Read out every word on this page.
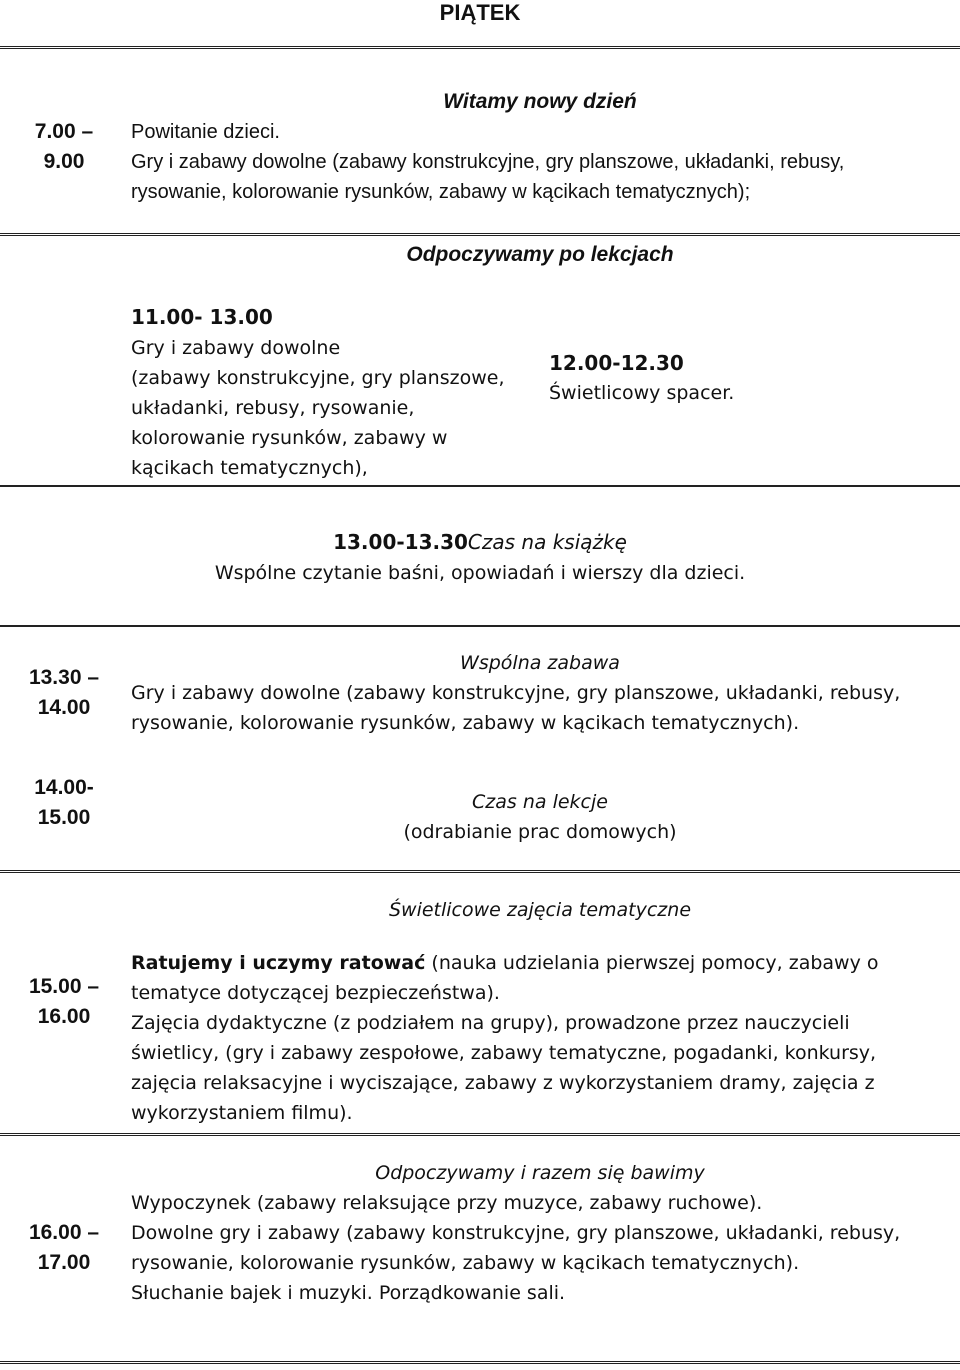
PIĄTEK
7.00 –
9.00
Witamy nowy dzień
Powitanie dzieci.
Gry i zabawy dowolne (zabawy konstrukcyjne, gry planszowe, układanki, rebusy,
rysowanie, kolorowanie rysunków, zabawy w kącikach tematycznych);
Odpoczywamy po lekcjach
11.00- 13.00
Gry i zabawy dowolne
(zabawy konstrukcyjne, gry planszowe,
układanki, rebusy, rysowanie,
kolorowanie rysunków, zabawy w
kącikach tematycznych),
12.00-12.30
Świetlicowy spacer.
13.00-13.30Czas na książkę
Wspólne czytanie baśni, opowiadań i wierszy dla dzieci.
13.30 –
14.00
Wspólna zabawa
Gry i zabawy dowolne (zabawy konstrukcyjne, gry planszowe, układanki, rebusy,
rysowanie, kolorowanie rysunków, zabawy w kącikach tematycznych).
14.00-
15.00
Czas na lekcje
(odrabianie prac domowych)
Świetlicowe zajęcia tematyczne
15.00 –
16.00
Ratujemy i uczymy ratować (nauka udzielania pierwszej pomocy, zabawy o
tematyce dotyczącej bezpieczeństwa).
Zajęcia dydaktyczne (z podziałem na grupy), prowadzone przez nauczycieli
świetlicy, (gry i zabawy zespołowe, zabawy tematyczne, pogadanki, konkursy,
zajęcia relaksacyjne i wyciszające, zabawy z wykorzystaniem dramy, zajęcia z
wykorzystaniem filmu).
Odpoczywamy i razem się bawimy
16.00 –
17.00
Wypoczynek (zabawy relaksujące przy muzyce, zabawy ruchowe).
Dowolne gry i zabawy (zabawy konstrukcyjne, gry planszowe, układanki, rebusy,
rysowanie, kolorowanie rysunków, zabawy w kącikach tematycznych).
Słuchanie bajek i muzyki. Porządkowanie sali.
